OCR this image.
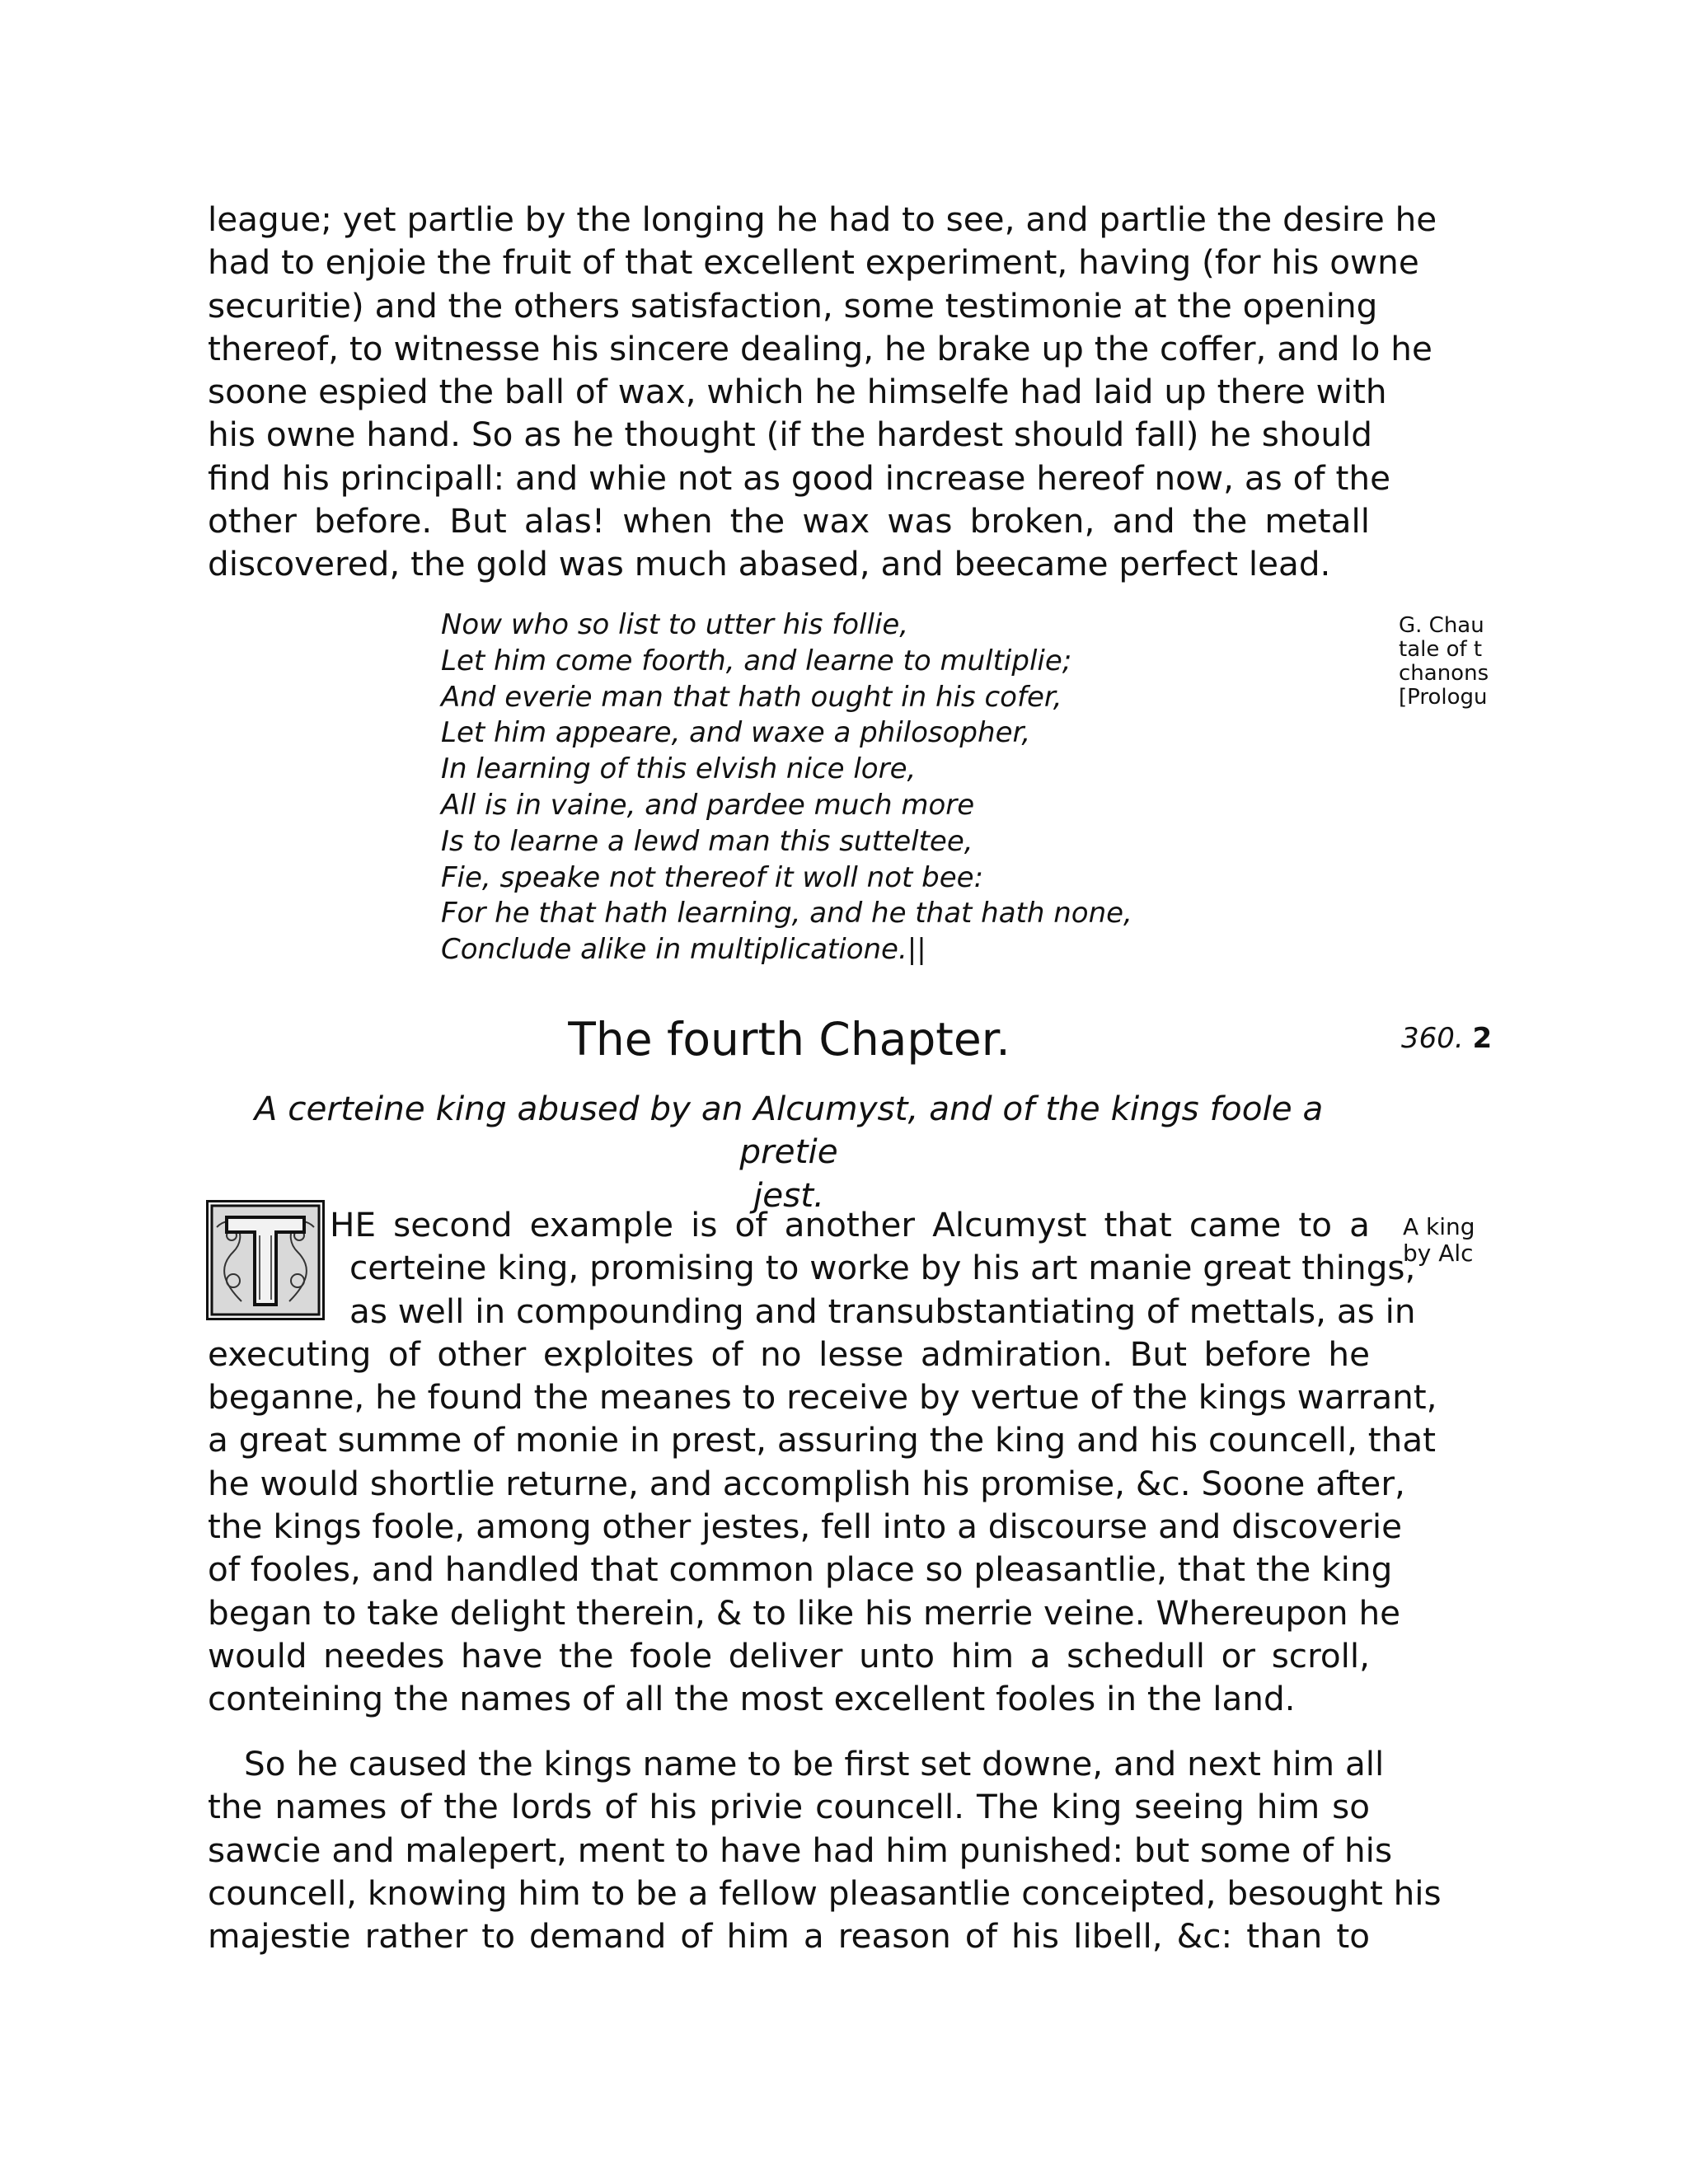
league; yet partlie by the longing he had to see, and partlie the desire he
had to enjoie the fruit of that excellent experiment, having (for his owne
securitie) and the others satisfaction, some testimonie at the opening
thereof, to witnesse his sincere dealing, he brake up the coffer, and lo he
soone espied the ball of wax, which he himselfe had laid up there with
his owne hand. So as he thought (if the hardest should fall) he should
find his principall: and whie not as good increase hereof now, as of the
other before. But alas! when the wax was broken, and the metall
discovered, the gold was much abased, and beecame perfect lead.

Now who so list to utter his follie,
Let him come foorth, and learne to multiplie;
And everie man that hath ought in his cofer,
Let him appeare, and waxe a philosopher,
In learning of this elvish nice lore,
All is in vaine, and pardee much more
Is to learne a lewd man this sutteltee,
Fie, speake not thereof it woll not bee:
For he that hath learning, and he that hath none,
Conclude alike in multiplicatione.||
G. Chau
tale of t
chanons
[Prologu
The fourth Chapter.	360. 2
A certeine king abused by an Alcumyst, and of the kings foole a pretie
jest.
A king
by Alc

HE second example is of another Alcumyst that came to a
certeine king, promising to worke by his art manie great things,
as well in compounding and transubstantiating of mettals, as in
executing of other exploites of no lesse admiration. But before he
beganne, he found the meanes to receive by vertue of the kings warrant,
a great summe of monie in prest, assuring the king and his councell, that
he would shortlie returne, and accomplish his promise, &c. Soone after,
the kings foole, among other jestes, fell into a discourse and discoverie
of fooles, and handled that common place so pleasantlie, that the king
began to take delight therein, & to like his merrie veine. Whereupon he
would needes have the foole deliver unto him a schedull or scroll,
conteining the names of all the most excellent fooles in the land.

So he caused the kings name to be first set downe, and next him all
the names of the lords of his privie councell. The king seeing him so
sawcie and malepert, ment to have had him punished: but some of his
councell, knowing him to be a fellow pleasantlie conceipted, besought his
majestie rather to demand of him a reason of his libell, &c: than to
